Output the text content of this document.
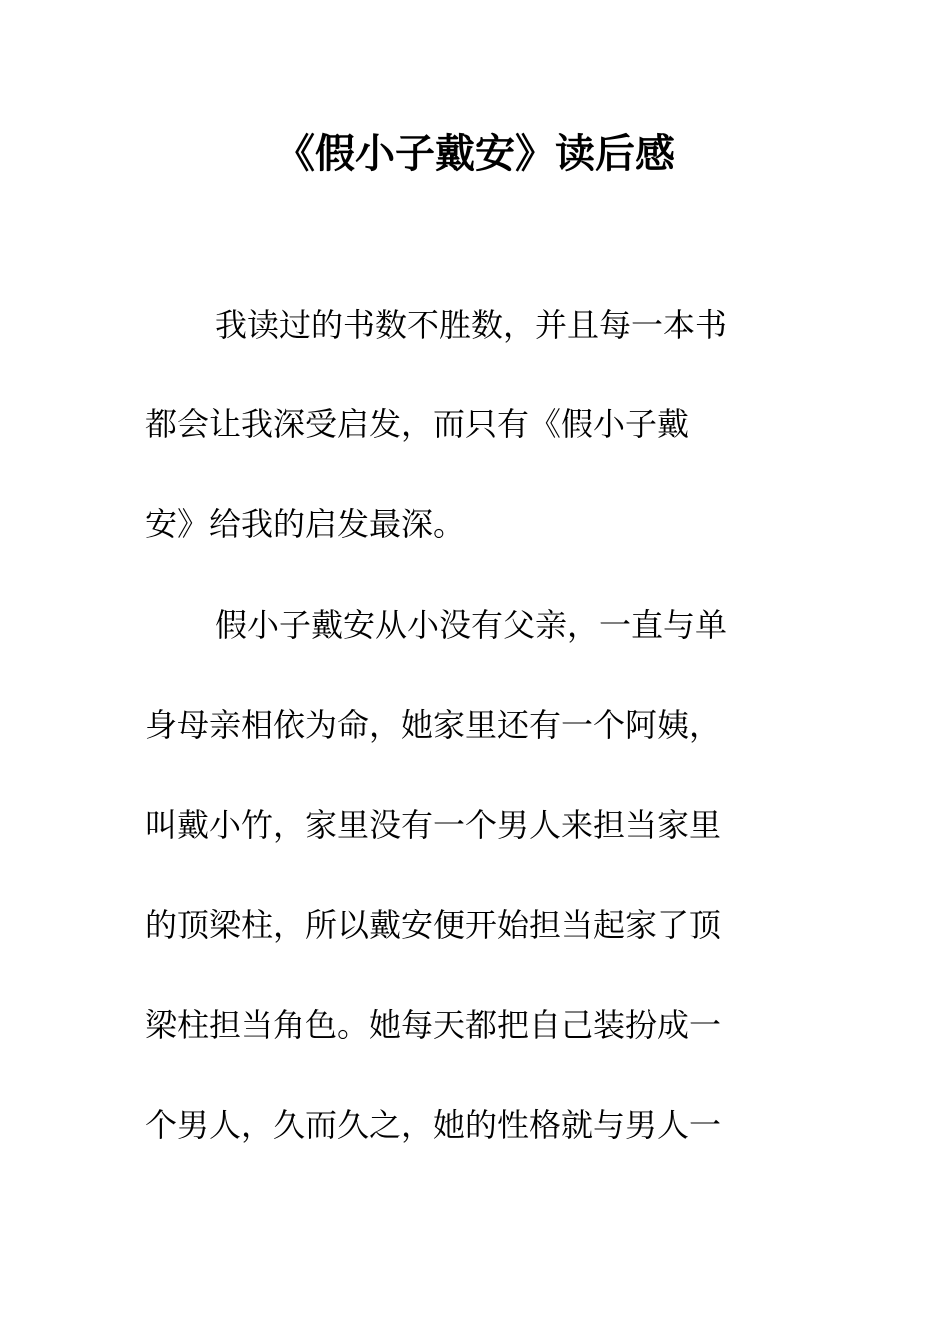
《假小子戴安》读后感

我读过的书数不胜数，并且每一本书

都会让我深受启发，而只有《假小子戴

安》给我的启发最深。

假小子戴安从小没有父亲，一直与单

身母亲相依为命，她家里还有一个阿姨，

叫戴小竹，家里没有一个男人来担当家里

的顶梁柱，所以戴安便开始担当起家了顶

梁柱担当角色。她每天都把自己装扮成一

个男人，久而久之，她的性格就与男人一
